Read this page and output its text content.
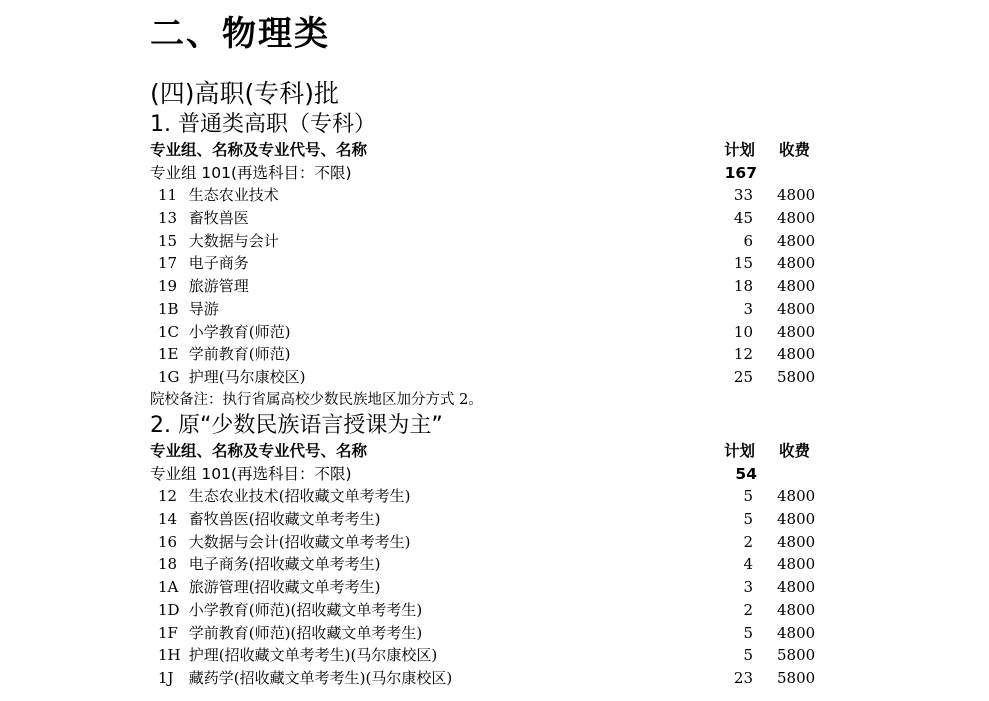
二、物理类
(四)高职(专科)批
1. 普通类高职（专科）
专业组、名称及专业代号、名称	计划 收费
专业组 101(再选科目：不限)	167
11 生态农业技术	33 4800
13 畜牧兽医	45 4800
15 大数据与会计	6 4800
17 电子商务	15 4800
19 旅游管理	18 4800
1B 导游	3 4800
1C 小学教育(师范)	10 4800
1E 学前教育(师范)	12 4800
1G 护理(马尔康校区)	25 5800
院校备注：执行省属高校少数民族地区加分方式 2。
2. 原“少数民族语言授课为主”
专业组、名称及专业代号、名称	计划 收费
专业组 101(再选科目：不限)	54
12 生态农业技术(招收藏文单考考生)	5 4800
14 畜牧兽医(招收藏文单考考生)	5 4800
16 大数据与会计(招收藏文单考考生)	2 4800
18 电子商务(招收藏文单考考生)	4 4800
1A 旅游管理(招收藏文单考考生)	3 4800
1D 小学教育(师范)(招收藏文单考考生)	2 4800
1F 学前教育(师范)(招收藏文单考考生)	5 4800
1H 护理(招收藏文单考考生)(马尔康校区)	5 5800
1J 藏药学(招收藏文单考考生)(马尔康校区)	23 5800
